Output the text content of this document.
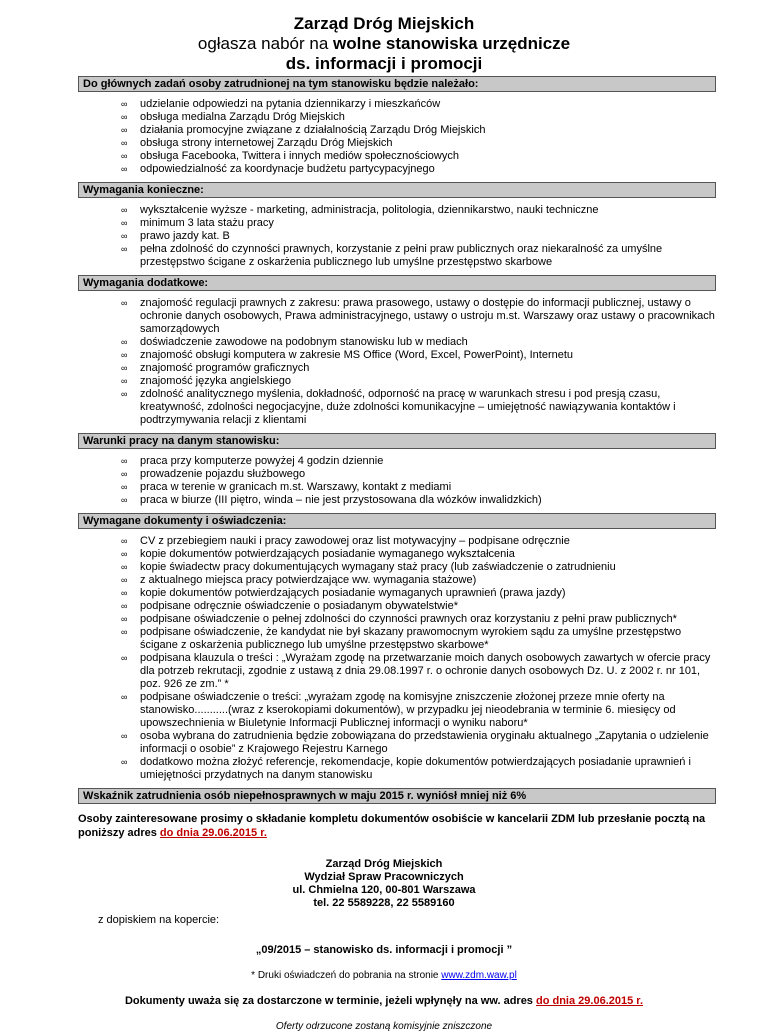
Zarząd Dróg Miejskich
ogłasza nabór na wolne stanowiska urzędnicze
ds. informacji i promocji
Do głównych zadań osoby zatrudnionej na tym stanowisku będzie należało:
∞ udzielanie odpowiedzi na pytania dziennikarzy i mieszkańców
∞ obsługa medialna Zarządu Dróg Miejskich
∞ działania promocyjne związane z działalnością Zarządu Dróg Miejskich
∞ obsługa strony internetowej Zarządu Dróg Miejskich
∞ obsługa Facebooka, Twittera i innych mediów społecznościowych
∞ odpowiedzialność za koordynacje budżetu partycypacyjnego
Wymagania konieczne:
∞ wykształcenie wyższe - marketing, administracja, politologia, dziennikarstwo, nauki techniczne
∞ minimum 3 lata stażu pracy
∞ prawo jazdy kat. B
∞ pełna zdolność do czynności prawnych, korzystanie z pełni praw publicznych oraz niekaralność za umyślne przestępstwo ścigane z oskarżenia publicznego lub umyślne przestępstwo skarbowe
Wymagania dodatkowe:
∞ znajomość regulacji prawnych z zakresu: prawa prasowego, ustawy o dostępie do informacji publicznej, ustawy o ochronie danych osobowych, Prawa administracyjnego, ustawy o ustroju m.st. Warszawy oraz ustawy o pracownikach samorządowych
∞ doświadczenie zawodowe na podobnym stanowisku lub w mediach
∞ znajomość obsługi komputera w zakresie MS Office (Word, Excel, PowerPoint), Internetu
∞ znajomość programów graficznych
∞ znajomość języka angielskiego
∞ zdolność analitycznego myślenia, dokładność, odporność na pracę w warunkach stresu i pod presją czasu, kreatywność, zdolności negocjacyjne, duże zdolności komunikacyjne – umiejętność nawiązywania kontaktów i podtrzymywania relacji z klientami
Warunki pracy na danym stanowisku:
∞ praca przy komputerze powyżej 4 godzin dziennie
∞ prowadzenie pojazdu służbowego
∞ praca w terenie w granicach m.st. Warszawy, kontakt z mediami
∞ praca w biurze (III piętro, winda – nie jest przystosowana dla wózków inwalidzkich)
Wymagane dokumenty i oświadczenia:
∞ CV z przebiegiem nauki i pracy zawodowej oraz list motywacyjny – podpisane odręcznie
∞ kopie dokumentów potwierdzających posiadanie wymaganego wykształcenia
∞ kopie świadectw pracy dokumentujących wymagany staż pracy (lub zaświadczenie o zatrudnieniu
∞ z aktualnego miejsca pracy potwierdzające ww. wymagania stażowe)
∞ kopie dokumentów potwierdzających posiadanie wymaganych uprawnień (prawa jazdy)
∞ podpisane odręcznie oświadczenie o posiadanym obywatelstwie*
∞ podpisane oświadczenie o pełnej zdolności do czynności prawnych oraz korzystaniu z pełni praw publicznych*
∞ podpisane oświadczenie, że kandydat nie był skazany prawomocnym wyrokiem sądu za umyślne przestępstwo ścigane z oskarżenia publicznego lub umyślne przestępstwo skarbowe*
∞ podpisana klauzula o treści : „Wyrażam zgodę na przetwarzanie moich danych osobowych zawartych w ofercie pracy dla potrzeb rekrutacji, zgodnie z ustawą z dnia 29.08.1997 r. o ochronie danych osobowych Dz. U. z 2002 r. nr 101, poz. 926 ze zm.” *
∞ podpisane oświadczenie o treści: „wyrażam zgodę na komisyjne zniszczenie złożonej przeze mnie oferty na stanowisko...........(wraz z kserokopiami dokumentów), w przypadku jej nieodebrania w terminie 6. miesięcy od upowszechnienia w Biuletynie Informacji Publicznej informacji o wyniku naboru*
∞ osoba wybrana do zatrudnienia będzie zobowiązana do przedstawienia oryginału aktualnego „Zapytania o udzielenie informacji o osobie” z Krajowego Rejestru Karnego
∞ dodatkowo można złożyć referencje, rekomendacje, kopie dokumentów potwierdzających posiadanie uprawnień i umiejętności przydatnych na danym stanowisku
Wskaźnik zatrudnienia osób niepełnosprawnych w maju 2015 r. wyniósł mniej niż 6%
Osoby zainteresowane prosimy o składanie kompletu dokumentów osobiście w kancelarii ZDM lub przesłanie pocztą na poniższy adres do dnia 29.06.2015 r.
Zarząd Dróg Miejskich
Wydział Spraw Pracowniczych
ul. Chmielna 120, 00-801 Warszawa
tel. 22 5589228, 22 5589160
z dopiskiem na kopercie:
„09/2015 – stanowisko ds. informacji i promocji ”
* Druki oświadczeń do pobrania na stronie www.zdm.waw.pl
Dokumenty uważa się za dostarczone w terminie, jeżeli wpłynęły na ww. adres do dnia 29.06.2015 r.
Oferty odrzucone zostaną komisyjnie zniszczone
